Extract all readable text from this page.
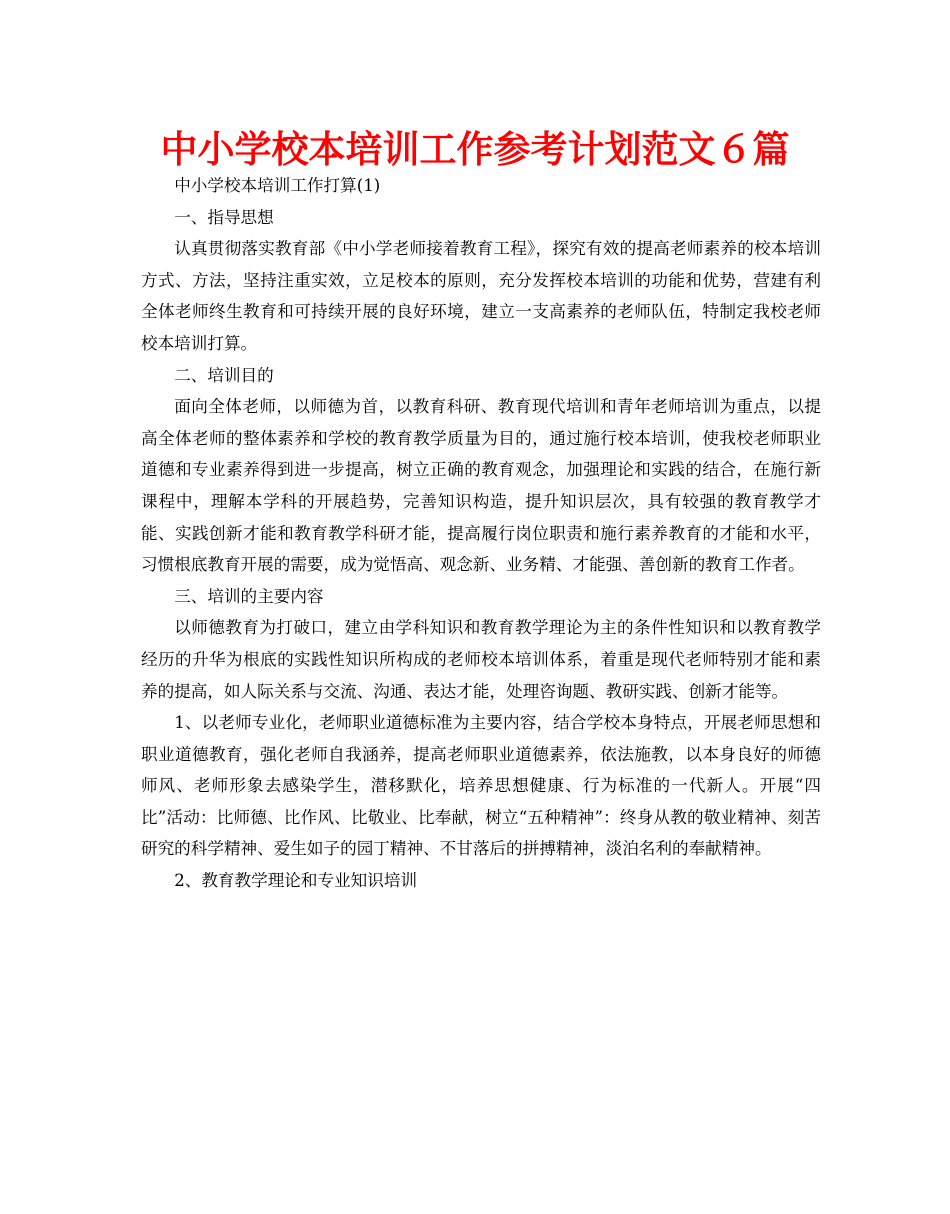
中小学校本培训工作参考计划范文６篇

中小学校本培训工作打算(1)

一、指导思想

认真贯彻落实教育部《中小学老师接着教育工程》，探究有效的提高老师素养的校本培训方式、方法，坚持注重实效，立足校本的原则，充分发挥校本培训的功能和优势，营建有利全体老师终生教育和可持续开展的良好环境，建立一支高素养的老师队伍，特制定我校老师校本培训打算。

二、培训目的

面向全体老师，以师德为首，以教育科研、教育现代培训和青年老师培训为重点，以提高全体老师的整体素养和学校的教育教学质量为目的，通过施行校本培训，使我校老师职业道德和专业素养得到进一步提高，树立正确的教育观念，加强理论和实践的结合，在施行新课程中，理解本学科的开展趋势，完善知识构造，提升知识层次，具有较强的教育教学才能、实践创新才能和教育教学科研才能，提高履行岗位职责和施行素养教育的才能和水平，习惯根底教育开展的需要，成为觉悟高、观念新、业务精、才能强、善创新的教育工作者。

三、培训的主要内容

以师德教育为打破口，建立由学科知识和教育教学理论为主的条件性知识和以教育教学经历的升华为根底的实践性知识所构成的老师校本培训体系，着重是现代老师特别才能和素养的提高，如人际关系与交流、沟通、表达才能，处理咨询题、教研实践、创新才能等。

1、以老师专业化，老师职业道德标准为主要内容，结合学校本身特点，开展老师思想和职业道德教育，强化老师自我涵养，提高老师职业道德素养，依法施教，以本身良好的师德师风、老师形象去感染学生，潜移默化，培养思想健康、行为标准的一代新人。开展“四比”活动：比师德、比作风、比敬业、比奉献，树立“五种精神”：终身从教的敬业精神、刻苦研究的科学精神、爱生如子的园丁精神、不甘落后的拼搏精神，淡泊名利的奉献精神。

2、教育教学理论和专业知识培训
